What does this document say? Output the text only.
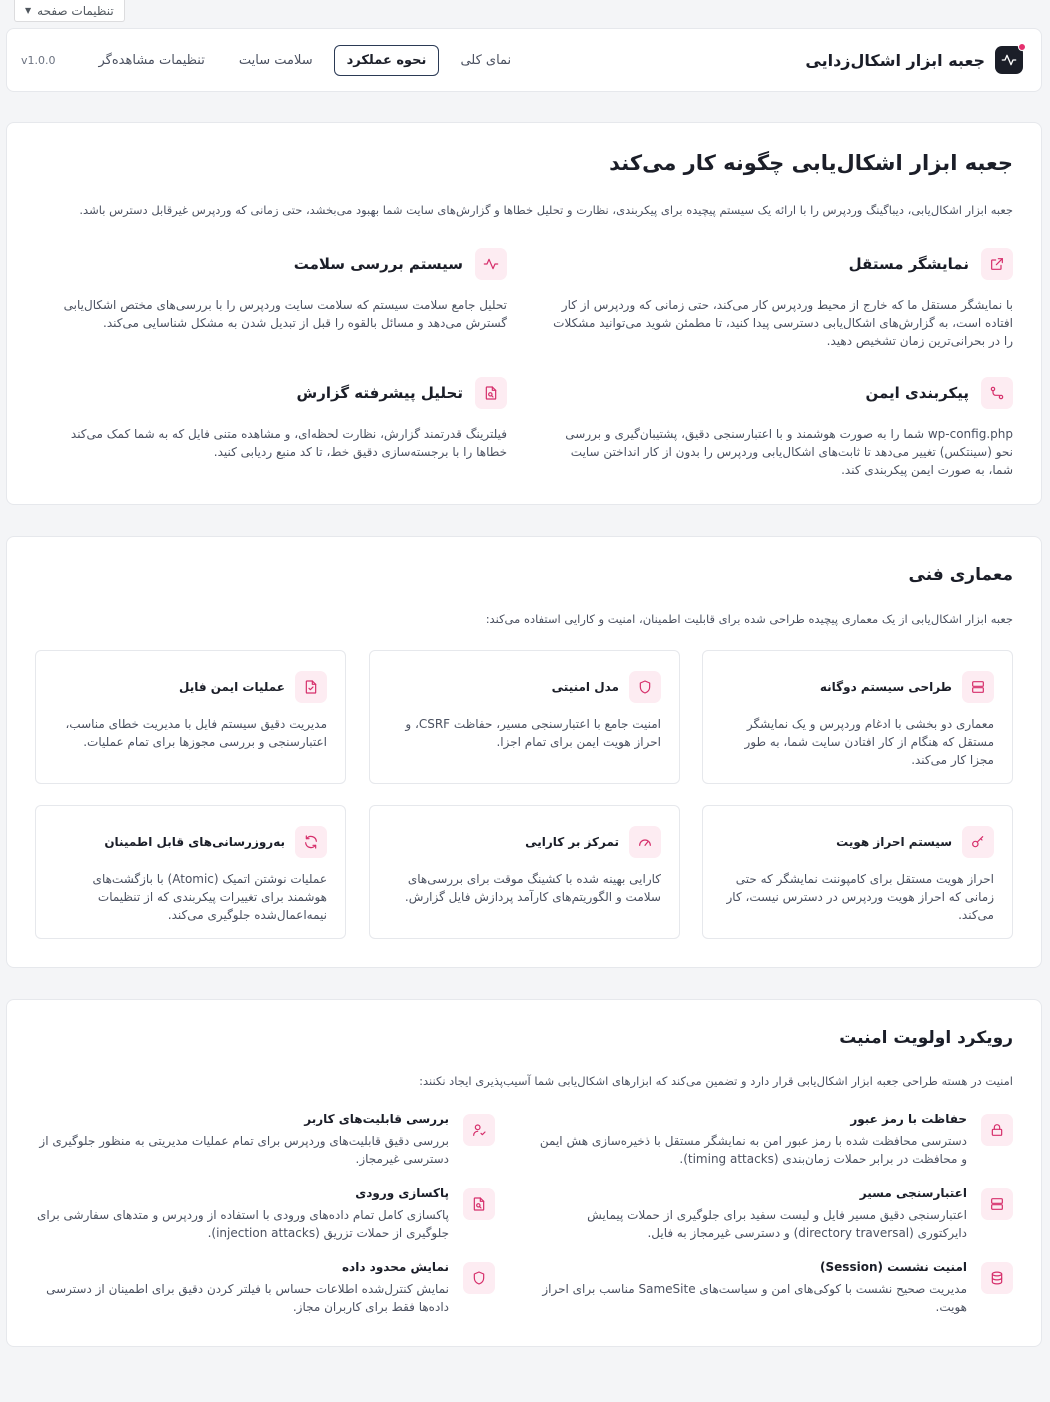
تنظیمات صفحه
▼
جعبه ابزار اشکال‌زدایی
نمای کلی
نحوه عملکرد
سلامت سایت
تنظیمات مشاهده‌گر
v1.0.0
جعبه ابزار اشکال‌یابی چگونه کار می‌کند

جعبه ابزار اشکال‌یابی، دیباگینگ وردپرس را با ارائه یک سیستم پیچیده برای پیکربندی، نظارت و تحلیل خطاها و گزارش‌های سایت شما بهبود می‌بخشد، حتی زمانی که وردپرس غیرقابل دسترس باشد.

نمایشگر مستقل

با نمایشگر مستقل ما که خارج از محیط وردپرس کار می‌کند، حتی زمانی که وردپرس از کار افتاده است، به گزارش‌های اشکال‌یابی دسترسی پیدا کنید، تا مطمئن شوید می‌توانید مشکلات را در بحرانی‌ترین زمان تشخیص دهید.

سیستم بررسی سلامت

تحلیل جامع سلامت سیستم که سلامت سایت وردپرس را با بررسی‌های مختص اشکال‌یابی گسترش می‌دهد و مسائل بالقوه را قبل از تبدیل شدن به مشکل شناسایی می‌کند.

پیکربندی ایمن

wp-config.php شما را به صورت هوشمند و با اعتبارسنجی دقیق، پشتیبان‌گیری و بررسی نحو (سینتکس) تغییر می‌دهد تا ثابت‌های اشکال‌یابی وردپرس را بدون از کار انداختن سایت شما، به صورت ایمن پیکربندی کند.

تحلیل پیشرفته گزارش

فیلترینگ قدرتمند گزارش، نظارت لحظه‌ای، و مشاهده متنی فایل که به شما کمک می‌کند خطاها را با برجسته‌سازی دقیق خط، تا کد منبع ردیابی کنید.

معماری فنی

جعبه ابزار اشکال‌یابی از یک معماری پیچیده طراحی شده برای قابلیت اطمینان، امنیت و کارایی استفاده می‌کند:

طراحی سیستم دوگانه

معماری دو بخشی با ادغام وردپرس و یک نمایشگر مستقل که هنگام از کار افتادن سایت شما، به طور مجزا کار می‌کند.

مدل امنیتی

امنیت جامع با اعتبارسنجی مسیر، حفاظت CSRF، و احراز هویت ایمن برای تمام اجزا.

عملیات ایمن فایل

مدیریت دقیق سیستم فایل با مدیریت خطای مناسب، اعتبارسنجی و بررسی مجوزها برای تمام عملیات.

سیستم احراز هویت

احراز هویت مستقل برای کامپوننت نمایشگر که حتی زمانی که احراز هویت وردپرس در دسترس نیست، کار می‌کند.

تمرکز بر کارایی

کارایی بهینه شده با کشینگ موقت برای بررسی‌های سلامت و الگوریتم‌های کارآمد پردازش فایل گزارش.

به‌روزرسانی‌های قابل اطمینان

عملیات نوشتن اتمیک (Atomic) با بازگشت‌های هوشمند برای تغییرات پیکربندی که از تنظیمات نیمه‌اعمال‌شده جلوگیری می‌کند.

رویکرد اولویت امنیت

امنیت در هسته طراحی جعبه ابزار اشکال‌یابی قرار دارد و تضمین می‌کند که ابزارهای اشکال‌یابی شما آسیب‌پذیری ایجاد نکنند:

حفاظت با رمز عبور

دسترسی محافظت شده با رمز عبور امن به نمایشگر مستقل با ذخیره‌سازی هش ایمن و محافظت در برابر حملات زمان‌بندی (timing attacks).

بررسی قابلیت‌های کاربر

بررسی دقیق قابلیت‌های وردپرس برای تمام عملیات مدیریتی به منظور جلوگیری از دسترسی غیرمجاز.

اعتبارسنجی مسیر

اعتبارسنجی دقیق مسیر فایل و لیست سفید برای جلوگیری از حملات پیمایش دایرکتوری (directory traversal) و دسترسی غیرمجاز به فایل.

پاکسازی ورودی

پاکسازی کامل تمام داده‌های ورودی با استفاده از وردپرس و متدهای سفارشی برای جلوگیری از حملات تزریق (injection attacks).

امنیت نشست (Session)

مدیریت صحیح نشست با کوکی‌های امن و سیاست‌های SameSite مناسب برای احراز هویت.

نمایش محدود داده

نمایش کنترل‌شده اطلاعات حساس با فیلتر کردن دقیق برای اطمینان از دسترسی داده‌ها فقط برای کاربران مجاز.
